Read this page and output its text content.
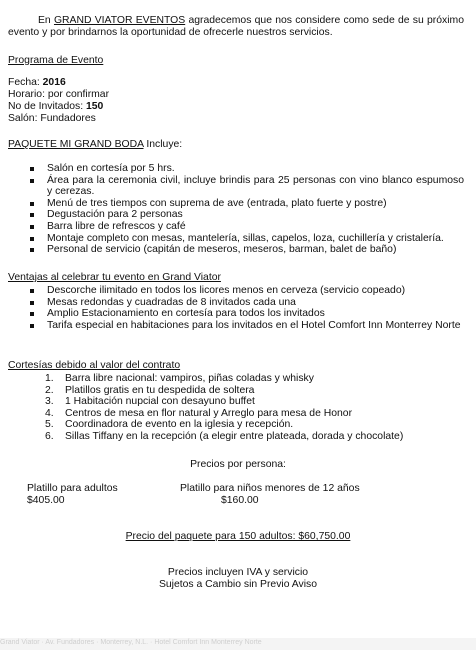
En GRAND VIATOR EVENTOS agradecemos que nos considere como sede de su próximo evento y por brindarnos la oportunidad de ofrecerle nuestros servicios.
Programa de Evento
Fecha: 2016
Horario: por confirmar
No de Invitados: 150
Salón: Fundadores
PAQUETE MI GRAND BODA Incluye:
Salón en cortesía por 5 hrs.
Área para la ceremonia civil, incluye brindis para 25 personas con vino blanco espumoso y cerezas.
Menú de tres tiempos con suprema de ave (entrada, plato fuerte y postre)
Degustación para 2 personas
Barra libre de refrescos y café
Montaje completo con mesas, mantelería, sillas, capelos, loza, cuchillería y cristalería.
Personal de servicio (capitán de meseros, meseros, barman, balet de baño)
Ventajas al celebrar tu evento en Grand Viator
Descorche ilimitado en todos los licores menos en cerveza (servicio copeado)
Mesas redondas y cuadradas de 8 invitados cada una
Amplio Estacionamiento en cortesía para todos los invitados
Tarifa especial en habitaciones para los invitados en el Hotel Comfort Inn Monterrey Norte
Cortesías debido al valor del contrato
1. Barra libre nacional: vampiros, piñas coladas y whisky
2. Platillos gratis en tu despedida de soltera
3. 1 Habitación nupcial con desayuno buffet
4. Centros de mesa en flor natural y Arreglo para mesa de Honor
5. Coordinadora de evento en la iglesia y recepción.
6. Sillas Tiffany en la recepción (a elegir entre plateada, dorada y chocolate)
Precios por persona:
Platillo para adultos
$405.00
Platillo para niños menores de 12 años
$160.00
Precio del paquete para 150 adultos: $60,750.00
Precios incluyen IVA y servicio
Sujetos a Cambio sin Previo Aviso
Grand Viator · Av. Fundadores · Monterrey, N.L. · Hotel Comfort Inn Monterrey Norte
